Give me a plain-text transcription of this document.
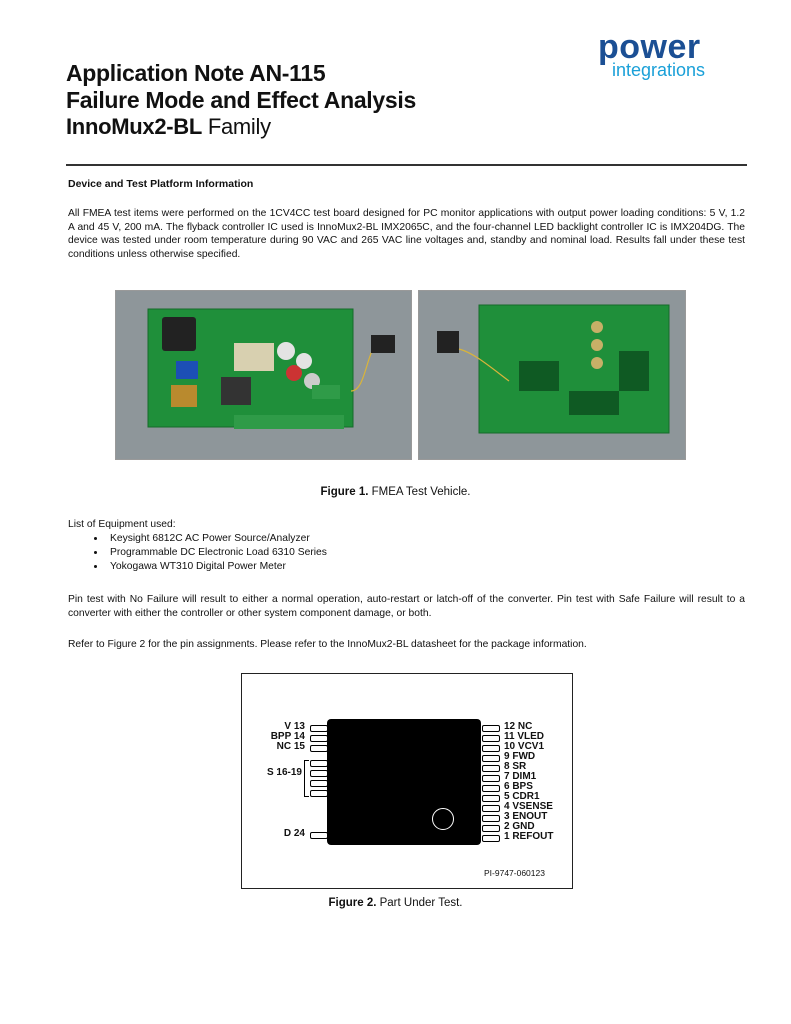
Application Note AN-115
Failure Mode and Effect Analysis
InnoMux2-BL Family
power
integrations
Device and Test Platform Information
All FMEA test items were performed on the 1CV4CC test board designed for PC monitor applications with output power loading conditions: 5 V, 1.2 A and 45 V, 200 mA. The flyback controller IC used is InnoMux2-BL IMX2065C, and the four-channel LED backlight controller IC is IMX204DG. The device was tested under room temperature during 90 VAC and 265 VAC line voltages and, standby and nominal load. Results fall under these test conditions unless otherwise specified.
Figure 1. FMEA Test Vehicle.
List of Equipment used:
• Keysight 6812C AC Power Source/Analyzer
• Programmable DC Electronic Load 6310 Series
• Yokogawa WT310 Digital Power Meter
Pin test with No Failure will result to either a normal operation, auto-restart or latch-off of the converter. Pin test with Safe Failure will result to a converter with either the controller or other system component damage, or both.
Refer to Figure 2 for the pin assignments. Please refer to the InnoMux2-BL datasheet for the package information.
V 13
BPP 14
NC 15
S 16-19
D 24
12 NC
11 VLED
10 VCV1
9 FWD
8 SR
7 DIM1
6 BPS
5 CDR1
4 VSENSE
3 ENOUT
2 GND
1 REFOUT
PI-9747-060123
Figure 2. Part Under Test.
